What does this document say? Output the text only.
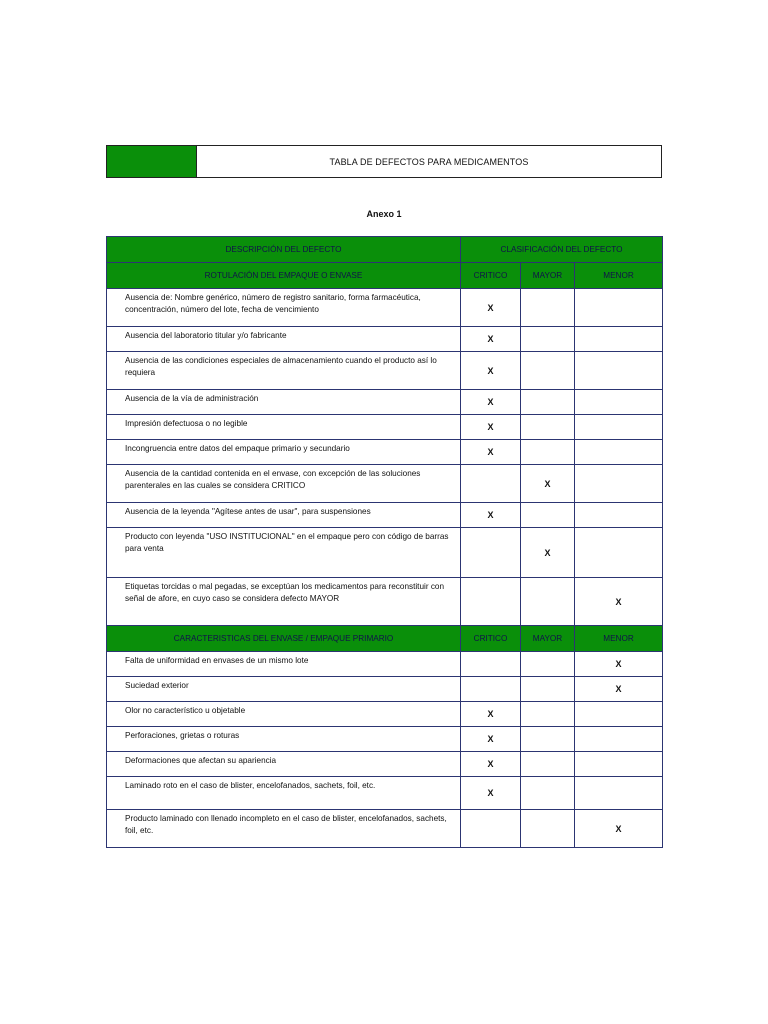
TABLA DE DEFECTOS PARA MEDICAMENTOS
Anexo 1
DESCRIPCIÓN DEL DEFECTO	CLASIFICACIÓN DEL DEFECTO		
ROTULACIÓN DEL EMPAQUE O ENVASE	CRITICO	MAYOR	MENOR
Ausencia de: Nombre genérico, número de registro sanitario, forma farmacéutica, concentración, número del lote, fecha de vencimiento	X		
Ausencia del laboratorio titular y/o fabricante	X		
Ausencia de las condiciones especiales de almacenamiento cuando el producto así lo requiera	X		
Ausencia de la vía de administración	X		
Impresión defectuosa o no legible	X		
Incongruencia entre datos del empaque primario y secundario	X		
Ausencia de la cantidad contenida en el envase, con excepción de las soluciones parenterales en las cuales se considera CRITICO		X	
Ausencia de la leyenda "Agítese antes de usar", para suspensiones	X		
Producto con leyenda "USO INSTITUCIONAL" en el empaque pero con código de barras para venta		X	
Etiquetas torcidas o mal pegadas, se exceptúan los medicamentos para reconstituir con señal de afore, en cuyo caso se considera defecto MAYOR			X
CARACTERISTICAS DEL ENVASE / EMPAQUE PRIMARIO	CRITICO	MAYOR	MENOR
Falta de uniformidad en envases de un mismo lote			X
Suciedad exterior			X
Olor no característico u objetable	X		
Perforaciones, grietas o roturas	X		
Deformaciones que afectan su apariencia	X		
Laminado roto en el caso de blister, encelofanados, sachets, foil, etc.	X		
Producto laminado con llenado incompleto en el caso de blister, encelofanados, sachets, foil, etc.			X
